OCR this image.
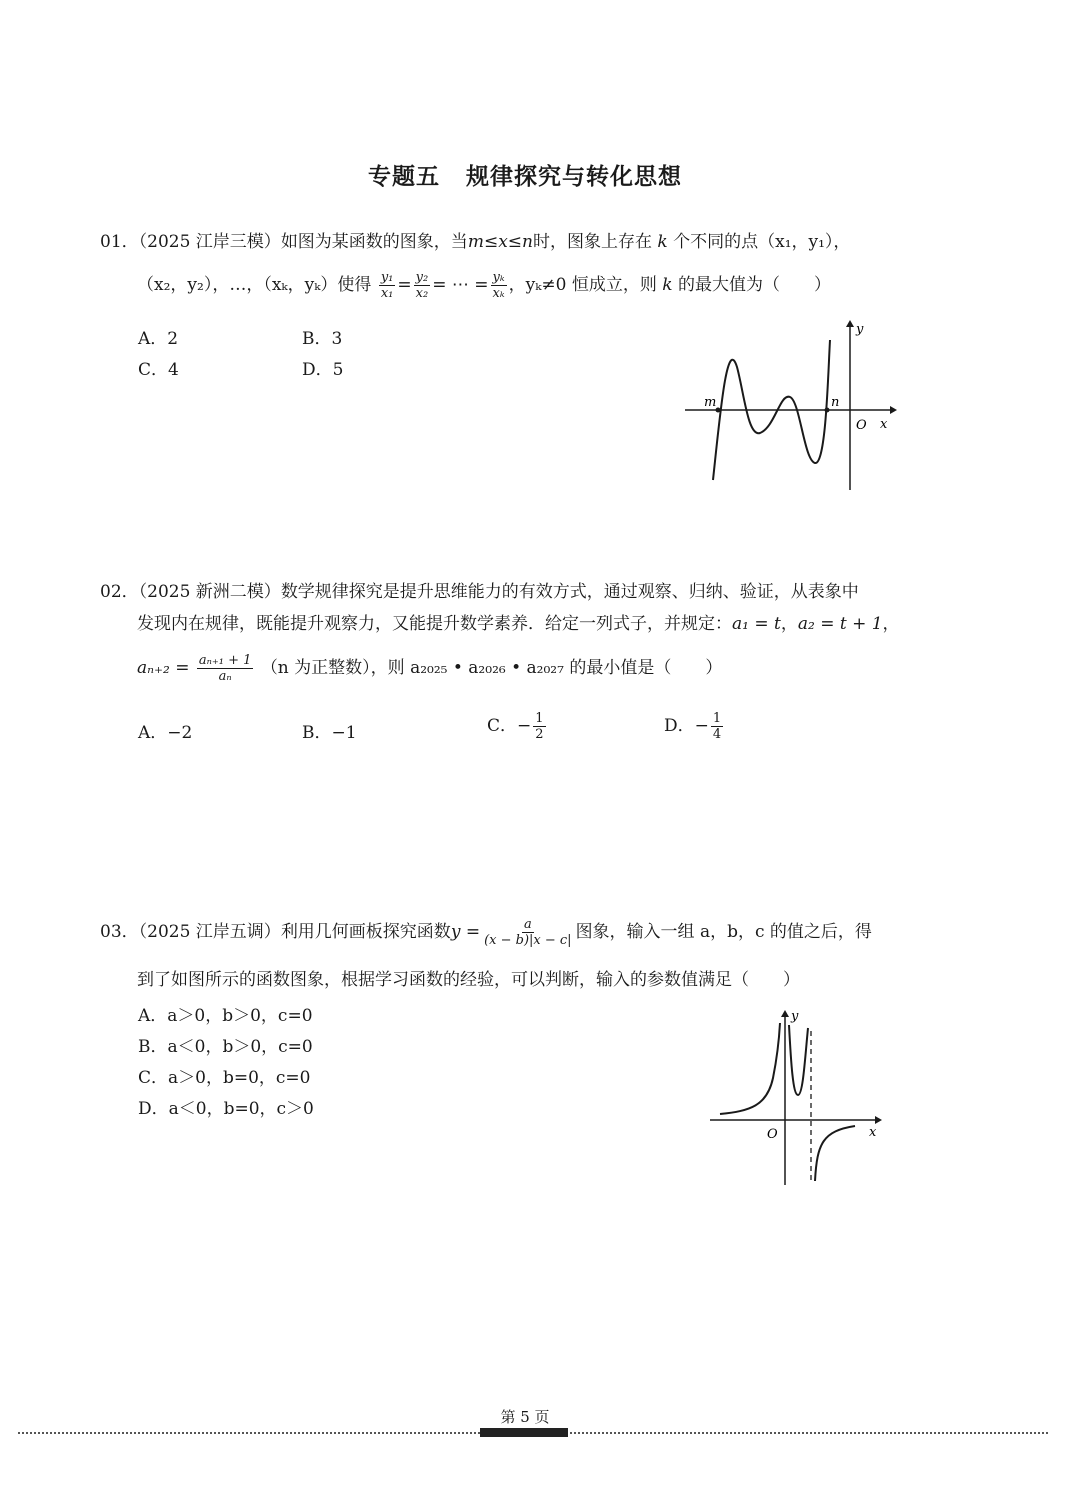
专题五 规律探究与转化思想
01．（2025 江岸三模）如图为某函数的图象，当m≤x≤n时，图象上存在 k 个不同的点（x₁，y₁），
（x₂，y₂），…，（xₖ，yₖ）使得 $\frac{\text{y₁}}{\text{x₁}} = \frac{\text{y₂}}{\text{x₂}}$ = ⋯ = $\frac{\text{yₖ}}{\text{xₖ}}$ ，yₖ≠0 恒成立，则 k 的最大值为（　　）
A．2	B．3
C．4	D．5
m	n
y
x
O
02．（2025 新洲二模）数学规律探究是提升思维能力的有效方式，通过观察、归纳、验证，从表象中
发现内在规律，既能提升观察力，又能提升数学素养．给定一列式子，并规定：a₁ = t，a₂ = t + 1，
$a_{n+2} = \frac{\text{aₙ₊₁ + 1}}{\text{aₙ}} (n$ 为正整数），则 a₂₀₂₅ • a₂₀₂₆ • a₂₀₂₇ 的最小值是（　　）
A．−2	B．−1	C．− $\frac{1}{2}$	D．− $\frac{1}{4}$
03．（2025 江岸五调）利用几何画板探究函数$y = \frac{a}{(x - b)|x - c|}$ 图象，输入一组 a，b，c 的值之后，得
到了如图所示的函数图象，根据学习函数的经验，可以判断，输入的参数值满足（　　）
A．a＞0，b＞0，c=0
B．a＜0，b＞0，c=0
C．a＞0，b=0，c=0
D．a＜0，b=0，c＞0
y
x
O
第 5 页
